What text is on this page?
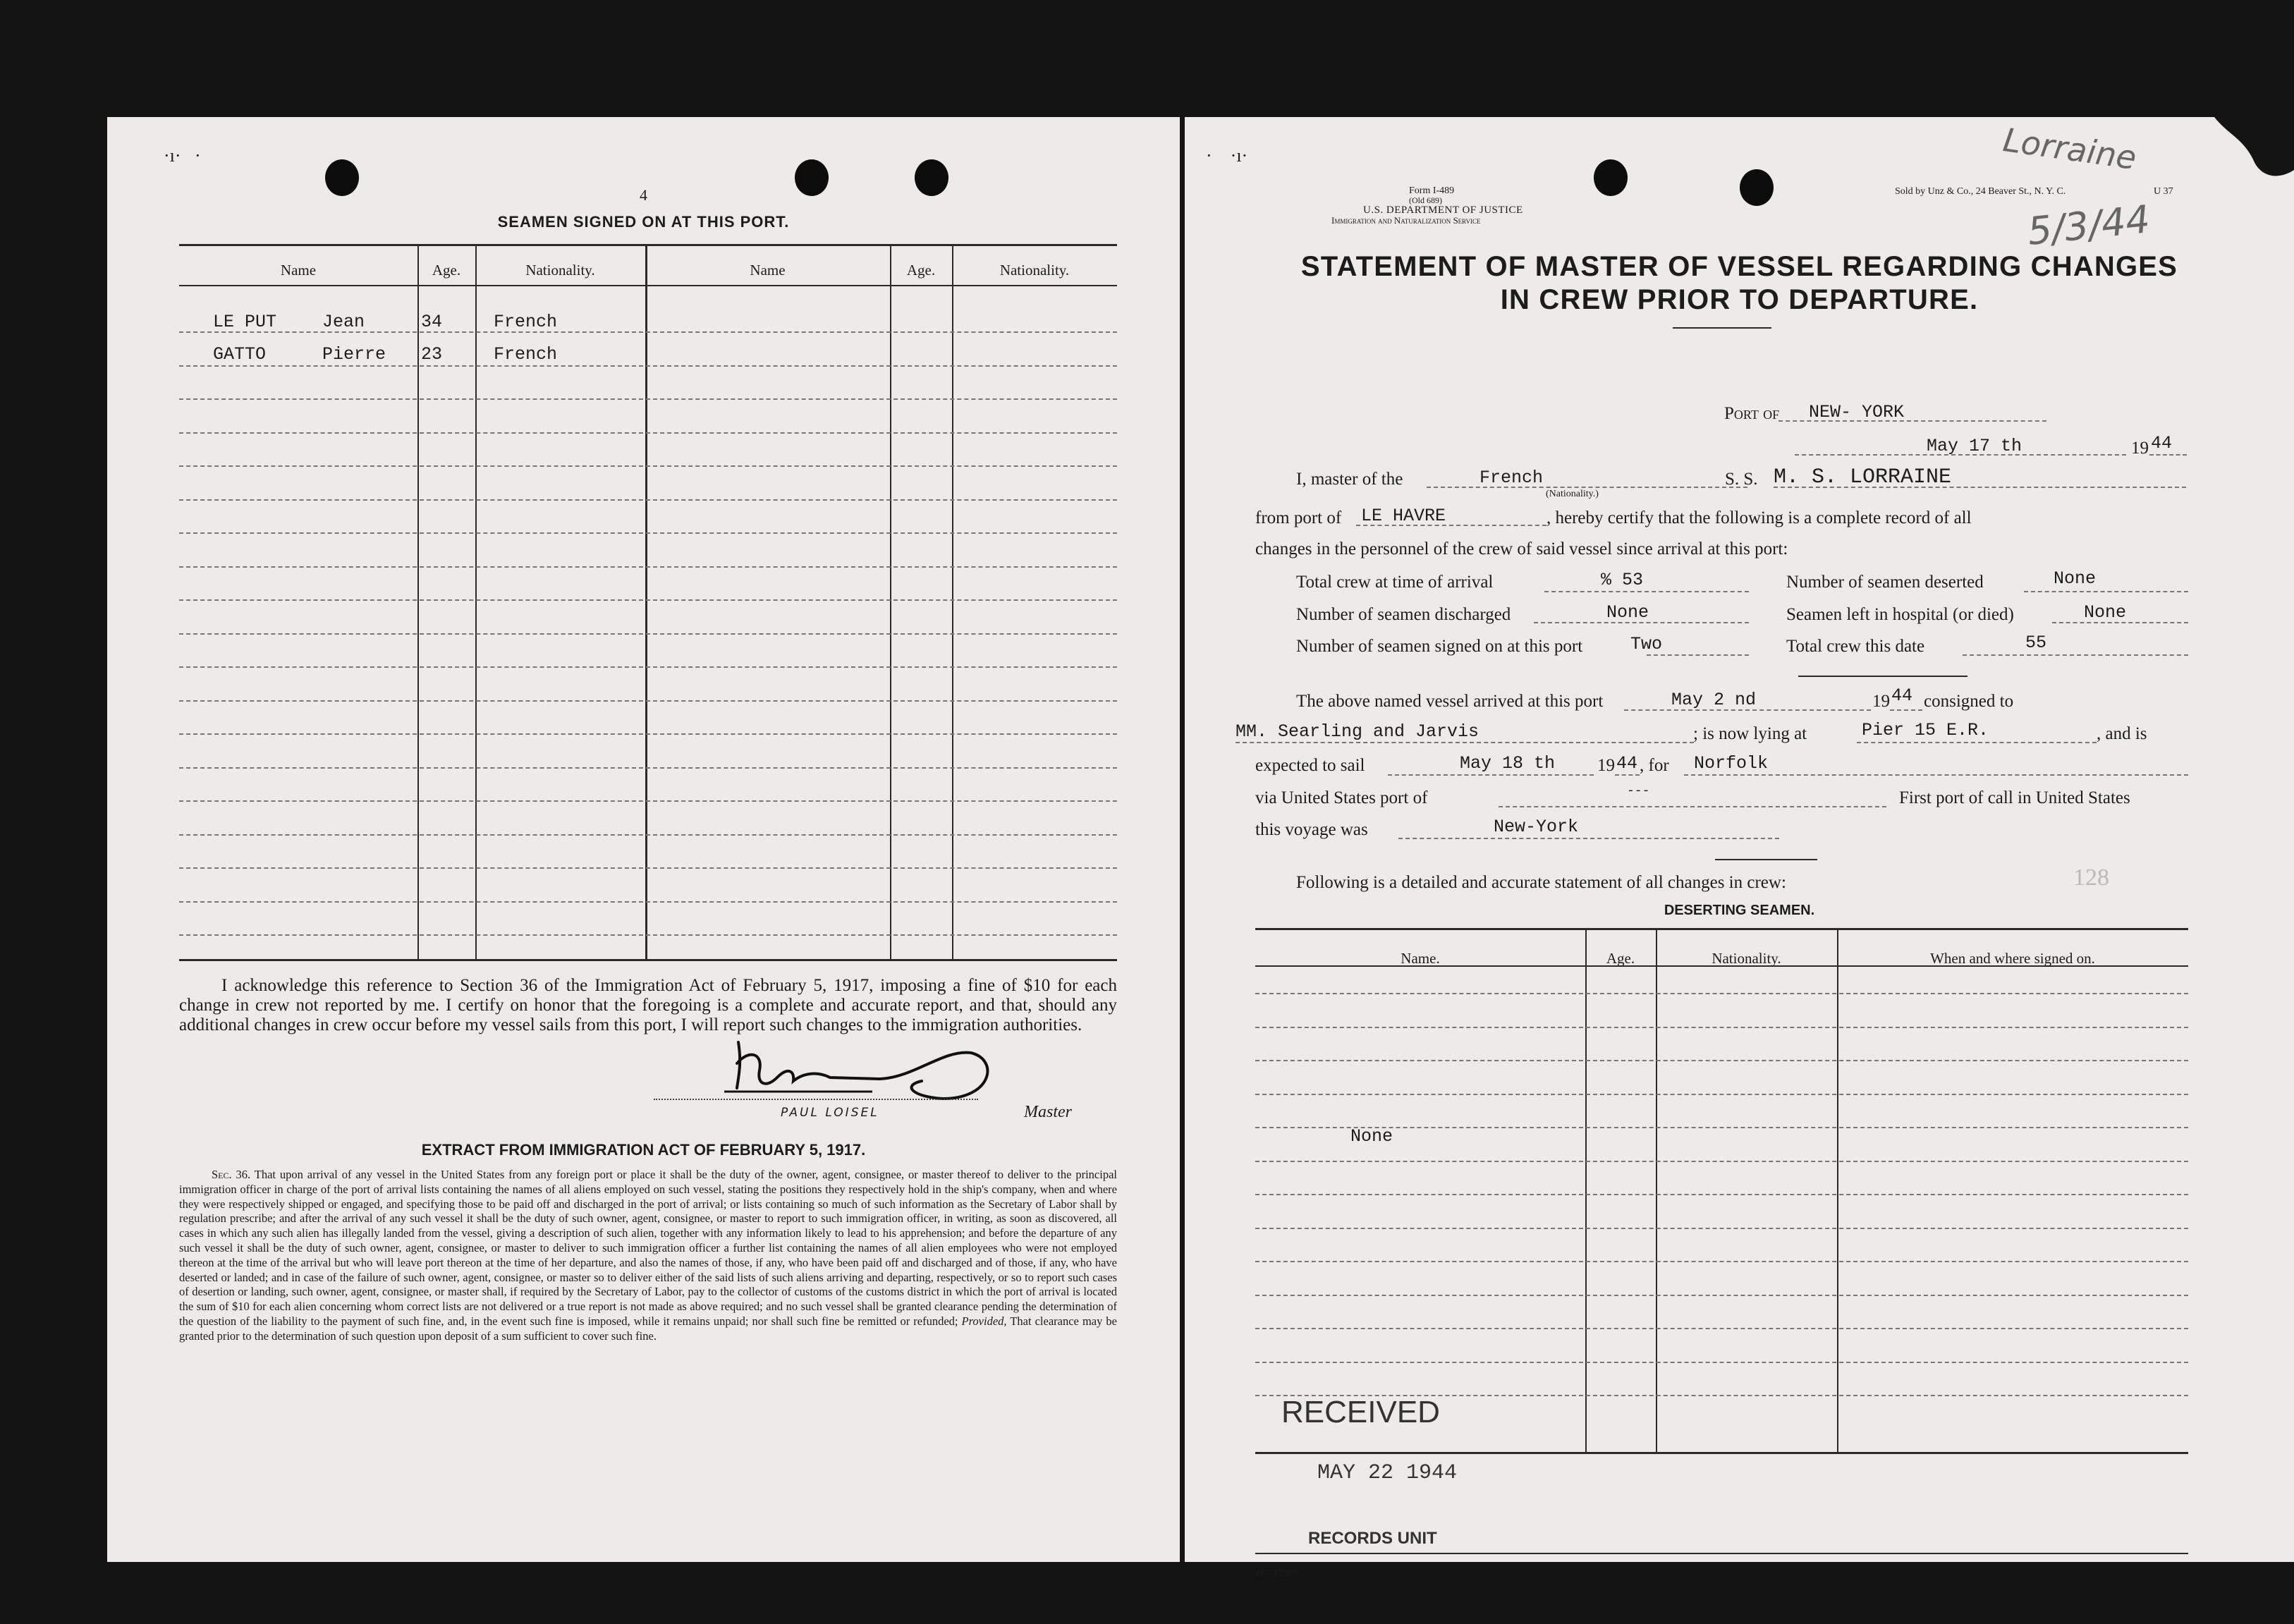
·ı·   ·
4
SEAMEN SIGNED ON AT THIS PORT.
Name	Age.	Nationality.	Name	Age.	Nationality.
LE PUT	Jean	34	French
GATTO	Pierre 23	French
I acknowledge this reference to Section 36 of the Immigration Act of February 5, 1917, imposing a fine of $10 for each change in crew not reported by me. I certify on honor that the foregoing is a complete and accurate report, and that, should any additional changes in crew occur before my vessel sails from this port, I will report such changes to the immigration authorities.
PAUL LOISEL	Master
EXTRACT FROM IMMIGRATION ACT OF FEBRUARY 5, 1917.
Sec. 36. That upon arrival of any vessel in the United States from any foreign port or place it shall be the duty of the owner, agent, consignee, or master thereof to deliver to the principal immigration officer in charge of the port of arrival lists containing the names of all aliens employed on such vessel, stating the positions they respectively hold in the ship's company, when and where they were respectively shipped or engaged, and specifying those to be paid off and discharged in the port of arrival; or lists containing so much of such information as the Secretary of Labor shall by regulation prescribe; and after the arrival of any such vessel it shall be the duty of such owner, agent, consignee, or master to report to such immigration officer, in writing, as soon as discovered, all cases in which any such alien has illegally landed from the vessel, giving a description of such alien, together with any information likely to lead to his apprehension; and before the departure of any such vessel it shall be the duty of such owner, agent, consignee, or master to deliver to such immigration officer a further list containing the names of all alien employees who were not employed thereon at the time of the arrival but who will leave port thereon at the time of her departure, and also the names of those, if any, who have been paid off and discharged and of those, if any, who have deserted or landed; and in case of the failure of such owner, agent, consignee, or master so to deliver either of the said lists of such aliens arriving and departing, respectively, or so to report such cases of desertion or landing, such owner, agent, consignee, or master shall, if required by the Secretary of Labor, pay to the collector of customs of the customs district in which the port of arrival is located the sum of $10 for each alien concerning whom correct lists are not delivered or a true report is not made as above required; and no such vessel shall be granted clearance pending the determination of the question of the liability to the payment of such fine, and, in the event such fine is imposed, while it remains unpaid; nor shall such fine be remitted or refunded; Provided, That clearance may be granted prior to the determination of such question upon deposit of a sum sufficient to cover such fine.
·    ·ı·	Lorraine
5/3/44
Form I-489
(Old 689)
U.S. DEPARTMENT OF JUSTICE
Immigration and Naturalization Service
Sold by Unz & Co., 24 Beaver St., N. Y. C.	U 37
STATEMENT OF MASTER OF VESSEL REGARDING CHANGES
IN CREW PRIOR TO DEPARTURE.
Port of NEW- YORK
May 17 th	19 44
I, master of the	French
(Nationality.)
S. S. M. S. LORRAINE
from port of LE HAVRE	, hereby certify that the following is a complete record of all
changes in the personnel of the crew of said vessel since arrival at this port:
Total crew at time of arrival	% 53
Number of seamen discharged	None
Number of seamen signed on at this port	Two
Number of seamen deserted	None
Seamen left in hospital (or died)	None
Total crew this date	55
The above named vessel arrived at this port	May 2 nd	19 44 consigned to
MM. Searling and Jarvis	; is now lying at	Pier 15 E.R.	, and is
expected to sail	May 18 th 19 44 , for Norfolk
via United States port of	---	First port of call in United States
this voyage was	New-York
Following is a detailed and accurate statement of all changes in crew:	128
DESERTING SEAMEN.
Name.	Age.	Nationality.	When and where signed on.
None
RECEIVED
MAY 22 1944
RECORDS UNIT
16—17387
